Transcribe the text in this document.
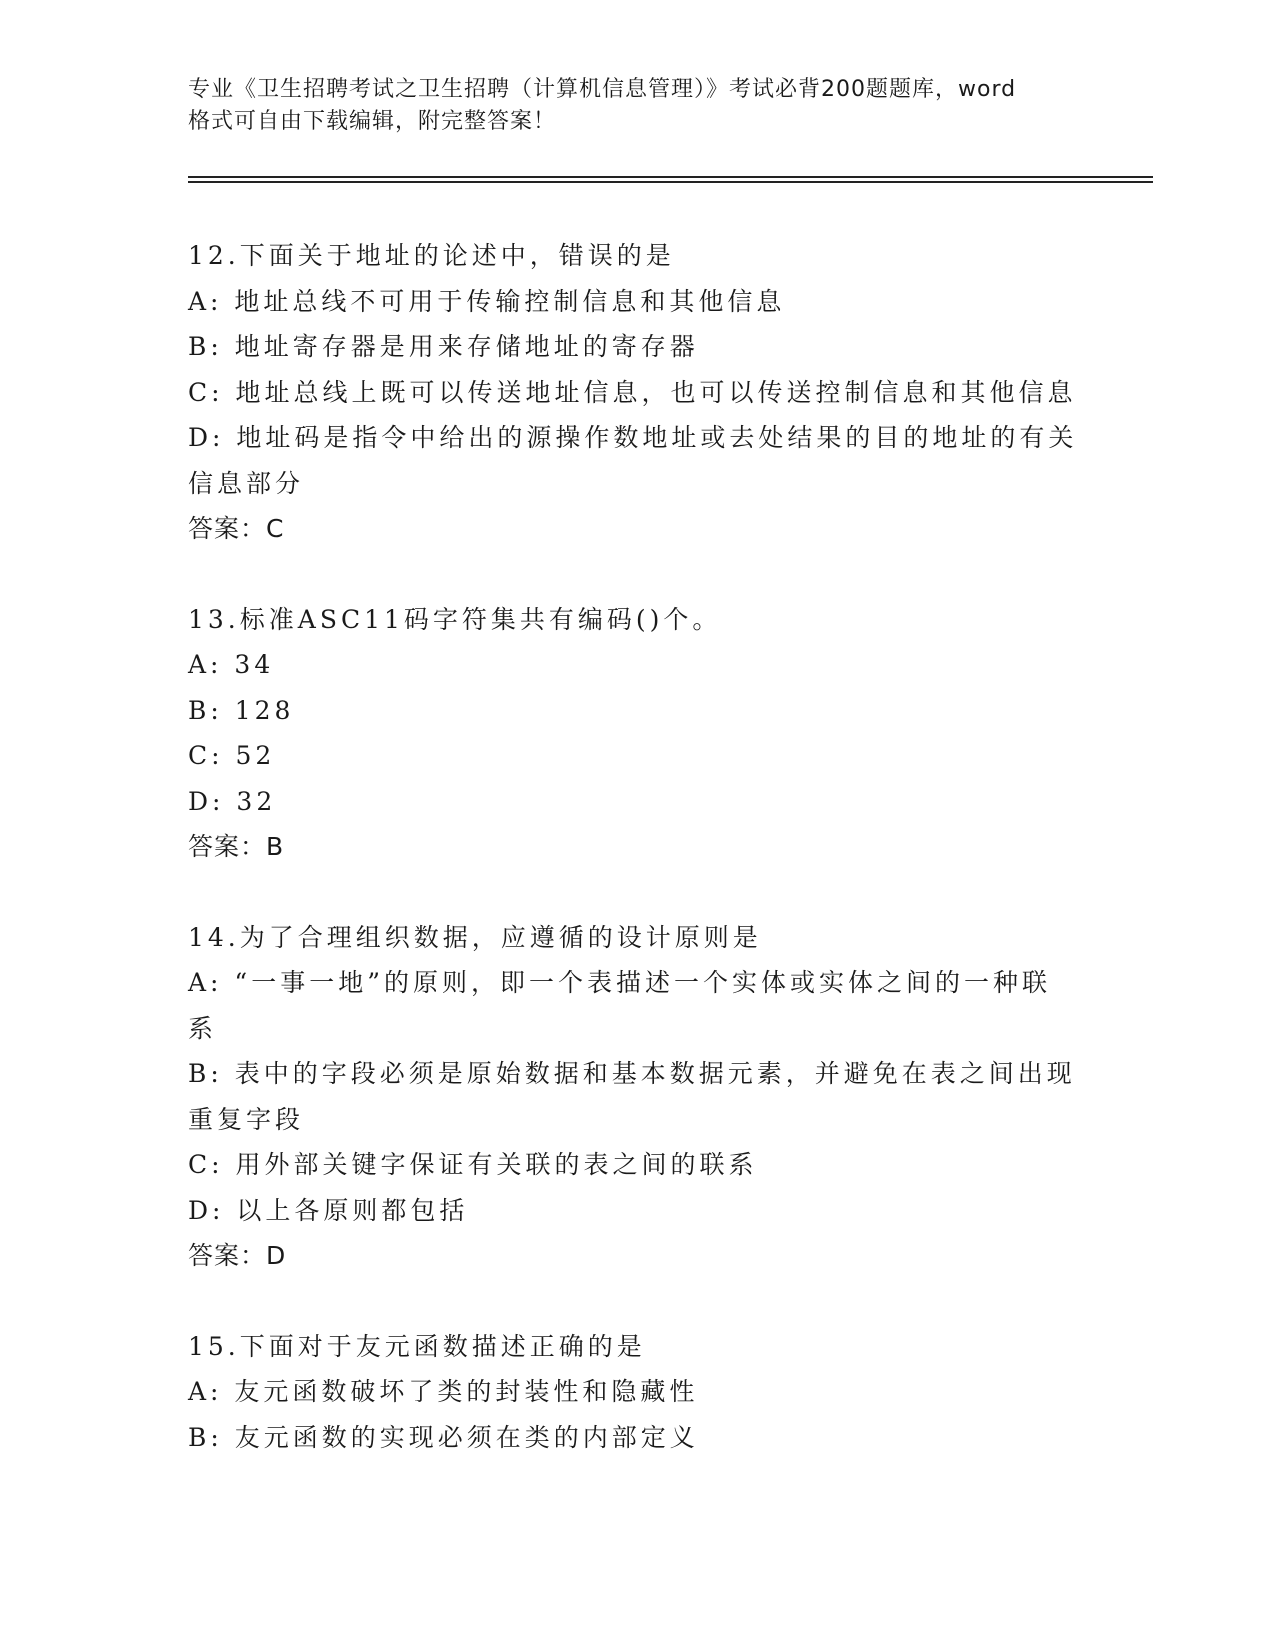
专业《卫生招聘考试之卫生招聘（计算机信息管理）》考试必背200题题库，word
格式可自由下载编辑，附完整答案！

12.下面关于地址的论述中，错误的是

A: 地址总线不可用于传输控制信息和其他信息

B: 地址寄存器是用来存储地址的寄存器

C: 地址总线上既可以传送地址信息，也可以传送控制信息和其他信息

D: 地址码是指令中给出的源操作数地址或去处结果的目的地址的有关

信息部分

答案：C

13.标准ASC11码字符集共有编码()个。

A: 34

B: 128

C: 52

D: 32

答案：B

14.为了合理组织数据，应遵循的设计原则是

A: “一事一地”的原则，即一个表描述一个实体或实体之间的一种联

系

B: 表中的字段必须是原始数据和基本数据元素，并避免在表之间出现

重复字段

C: 用外部关键字保证有关联的表之间的联系

D: 以上各原则都包括

答案：D

15.下面对于友元函数描述正确的是

A: 友元函数破坏了类的封装性和隐藏性

B: 友元函数的实现必须在类的内部定义
